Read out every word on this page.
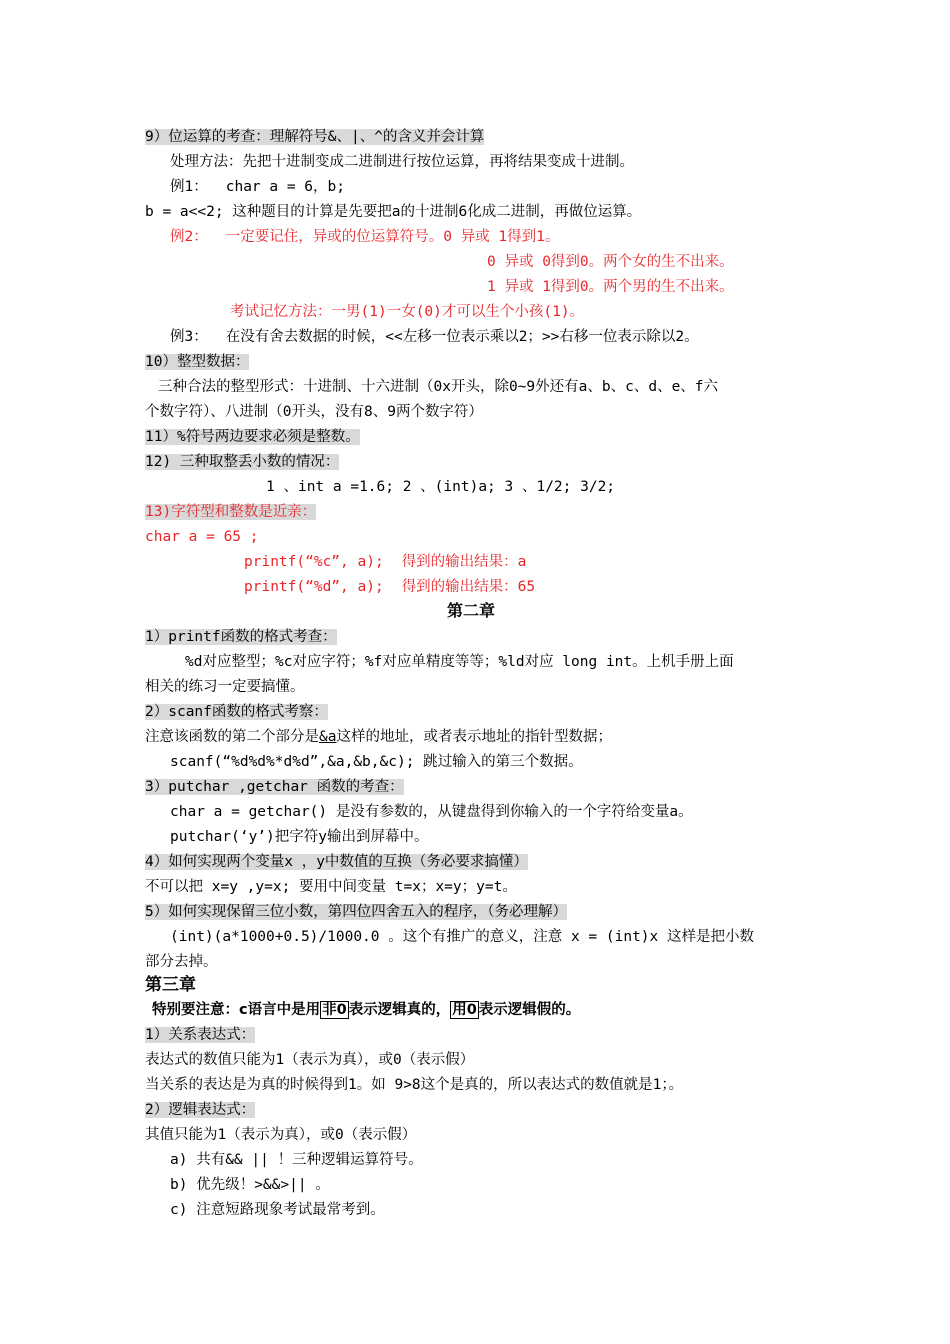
9）位运算的考查：理解符号&、|、^的含义并会计算
处理方法：先把十进制变成二进制进行按位运算，再将结果变成十进制。
例1： char a = 6，b;
b = a<<2; 这种题目的计算是先要把a的十进制6化成二进制，再做位运算。
例2： 一定要记住，异或的位运算符号。0 异或 1得到1。
0 异或 0得到0。两个女的生不出来。
1 异或 1得到0。两个男的生不出来。
考试记忆方法：一男(1)一女(0)才可以生个小孩(1)。
例3： 在没有舍去数据的时候，<<左移一位表示乘以2；>>右移一位表示除以2。
10）整型数据：
三种合法的整型形式：十进制、十六进制（0x开头，除0~9外还有a、b、c、d、e、f六
个数字符）、八进制（0开头，没有8、9两个数字符）
11）%符号两边要求必须是整数。
12) 三种取整丢小数的情况：
1 、int a =1.6; 2 、(int)a; 3 、1/2; 3/2;
13)字符型和整数是近亲：
char a = 65 ;
printf(“%c”, a); 得到的输出结果：a
printf(“%d”, a); 得到的输出结果：65
第二章
1）printf函数的格式考查：
%d对应整型；%c对应字符；%f对应单精度等等；%ld对应 long int。上机手册上面
相关的练习一定要搞懂。
2）scanf函数的格式考察：
注意该函数的第二个部分是&a这样的地址，或者表示地址的指针型数据；
scanf(“%d%d%*d%d”,&a,&b,&c); 跳过输入的第三个数据。
3）putchar ,getchar 函数的考查：
char a = getchar() 是没有参数的，从键盘得到你输入的一个字符给变量a。
putchar(‘y’)把字符y输出到屏幕中。
4）如何实现两个变量x ，y中数值的互换（务必要求搞懂）
不可以把 x=y ,y=x; 要用中间变量 t=x；x=y；y=t。
5）如何实现保留三位小数，第四位四舍五入的程序，（务必理解）
(int)(a*1000+0.5)/1000.0 。这个有推广的意义，注意 x = (int)x 这样是把小数
部分去掉。
第三章
特别要注意：c语言中是用 非0 表示逻辑真的， 用0 表示逻辑假的。
1）关系表达式：
表达式的数值只能为1（表示为真），或0（表示假）
当关系的表达是为真的时候得到1。如 9>8这个是真的，所以表达式的数值就是1；。
2）逻辑表达式：
其值只能为1（表示为真），或0（表示假）
a) 共有&& || ！三种逻辑运算符号。
b) 优先级！>&&>|| 。
c) 注意短路现象考试最常考到。
